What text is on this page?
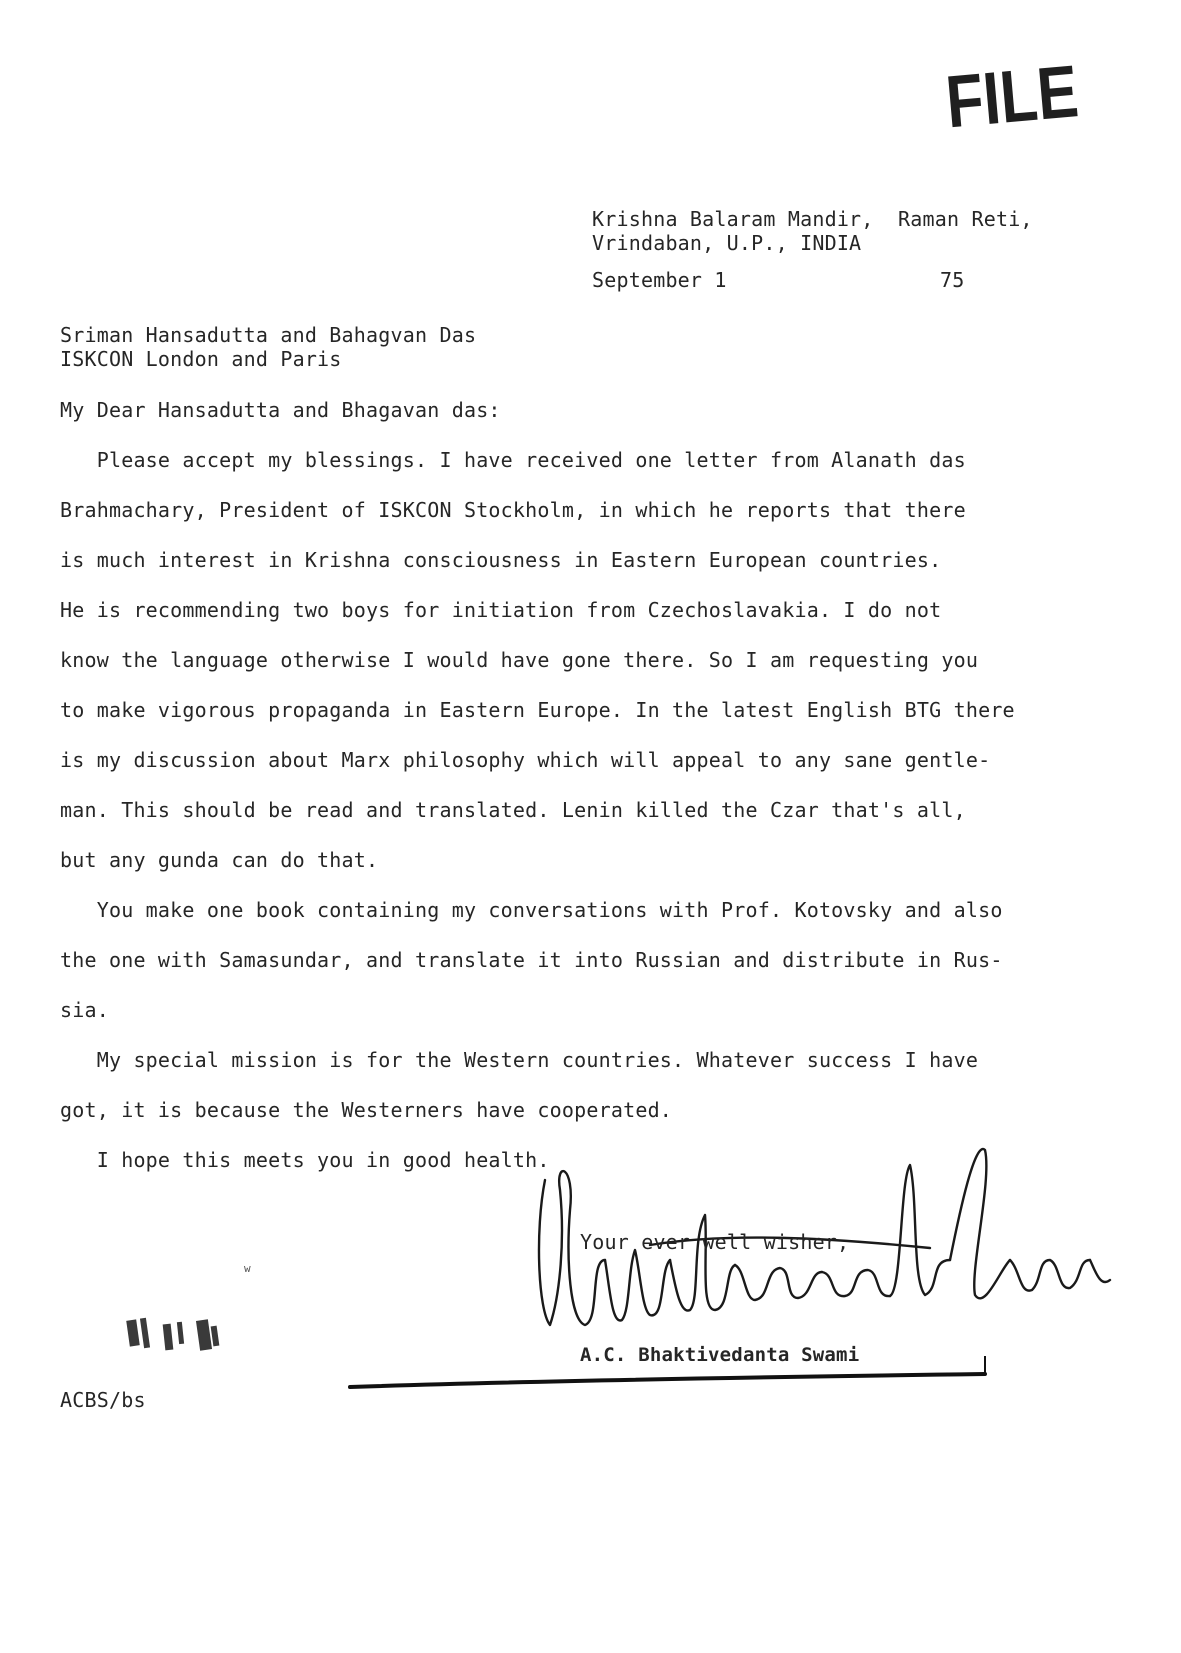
FILE
Krishna Balaram Mandir,  Raman Reti,
Vrindaban, U.P., INDIA
September 1	75
Sriman Hansadutta and Bahagvan Das
ISKCON London and Paris
My Dear Hansadutta and Bhagavan das:
Please accept my blessings. I have received one letter from Alanath das
Brahmachary, President of ISKCON Stockholm, in which he reports that there
is much interest in Krishna consciousness in Eastern European countries.
He is recommending two boys for initiation from Czechoslavakia. I do not
know the language otherwise I would have gone there. So I am requesting you
to make vigorous propaganda in Eastern Europe. In the latest English BTG there
is my discussion about Marx philosophy which will appeal to any sane gentle-
man. This should be read and translated. Lenin killed the Czar that's all,
but any gunda can do that.
You make one book containing my conversations with Prof. Kotovsky and also
w
the one with Samasundar, and translate it into Russian and distribute in Rus-
sia.
My special mission is for the Western countries. Whatever success I have
got, it is because the Westerners have cooperated.
I hope this meets you in good health.
Your ever well wisher,
A.C. Bhaktivedanta Swami
ACBS/bs
